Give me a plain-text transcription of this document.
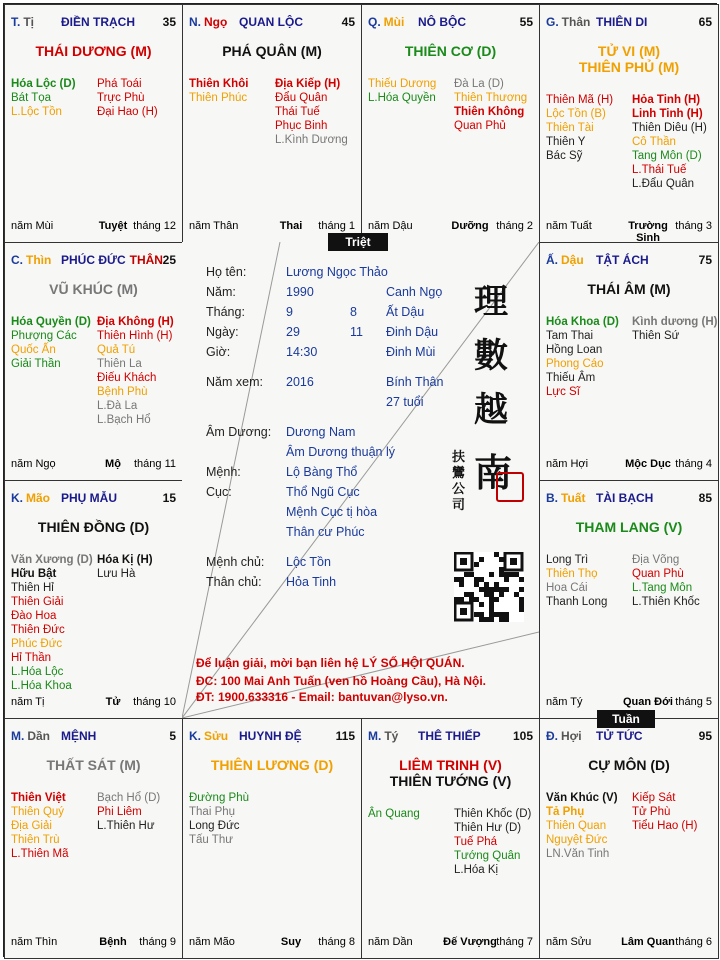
T. Tị ĐIỀN TRẠCH 35
THÁI DƯƠNG (M)
Hóa Lộc (D)
Bát Tọa
L.Lộc Tồn
Phá Toái
Trực Phù
Đại Hao (H)
năm Mùi	Tuyệt tháng 12
N. Ngọ QUAN LỘC	45
PHÁ QUÂN (M)
Thiên Khôi
Thiên Phúc
Địa Kiếp (H)
Đẩu Quân
Thái Tuế
Phục Binh
L.Kình Dương
năm Thân	Thai	tháng 1
Q. Mùi NÔ BỘC	55
THIÊN CƠ (D)
Thiếu Dương
L.Hóa Quyền
Đà La (D)
Thiên Thương
Thiên Không
Quan Phủ
năm Dậu	Dưỡng tháng 2
G. Thân THIÊN DI	65
TỬ VI (M)
THIÊN PHỦ (M)
Thiên Mã (H)
Lộc Tồn (B)
Thiên Tài
Thiên Y
Bác Sỹ
Hỏa Tinh (H)
Linh Tinh (H)
Thiên Diêu (H)
Cô Thần
Tang Môn (D)
L.Thái Tuế
L.Đẩu Quân
năm Tuất	Trường Sinh
tháng 3
C. Thìn PHÚC ĐỨC THÂN 25
VŨ KHÚC (M)
Hóa Quyền (D)
Phượng Các
Quốc Ấn
Giải Thần
Địa Không (H)
Thiên Hình (H)
Quả Tú
Thiên La
Điếu Khách
Bệnh Phù
L.Đà La
L.Bạch Hổ
năm Ngọ	Mộ	tháng 11
Ấ. Dậu TẬT ÁCH	75
THÁI ÂM (M)
Hóa Khoa (D)
Tam Thai
Hồng Loan
Phong Cáo
Thiếu Âm
Lực Sĩ
Kình dương (H)
Thiên Sứ
năm Hợi	Mộc Dục tháng 4
K. Mão PHỤ MẪU	15
THIÊN ĐỒNG (D)
Văn Xương (D)
Hữu Bật
Thiên Hỉ
Thiên Giải
Đào Hoa
Thiên Đức
Phúc Đức
Hỉ Thần
L.Hóa Lộc
L.Hóa Khoa
Hóa Kị (H)
Lưu Hà
năm Tị	Tử	tháng 10
B. Tuất TÀI BẠCH	85
THAM LANG (V)
Long Trì
Thiên Thọ
Hoa Cái
Thanh Long
Địa Võng
Quan Phù
L.Tang Môn
L.Thiên Khốc
năm Tý	Quan Đới tháng 5
M. Dần MỆNH	5
THẤT SÁT (M)
Thiên Việt
Thiên Quý
Địa Giải
Thiên Trù
L.Thiên Mã
Bạch Hổ (D)
Phi Liêm
L.Thiên Hư
năm Thìn	Bệnh	tháng 9
K. Sửu HUYNH ĐỆ	115
THIÊN LƯƠNG (D)
Đường Phù
Thai Phụ
Long Đức
Tấu Thư
năm Mão	Suy	tháng 8
M. Tý THÊ THIẾP	105
LIÊM TRINH (V)
THIÊN TƯỚNG (V)
Ân Quang	Thiên Khốc (D)
Thiên Hư (D)
Tuế Phá
Tướng Quân
L.Hóa Kị
năm Dần	Đế Vượng tháng 7
Đ. Hợi TỬ TỨC	95
CỰ MÔN (D)
Văn Khúc (V)
Tả Phụ
Thiên Quan
Nguyệt Đức
LN.Văn Tinh
Kiếp Sát
Tử Phù
Tiểu Hao (H)
năm Sửu	Lâm Quan tháng 6
Họ tên:	Lương Ngọc Thảo
Năm:	1990	Canh Ngọ
Tháng:	9	8 Ất Dậu
Ngày:	29	11 Đinh Dậu
Giờ:	14:30	Đinh Mùi
Năm xem: 2016	Bính Thân
27 tuổi
Âm Dương: Dương Nam
Âm Dương thuận lý
Mệnh:	Lộ Bàng Thổ
Cục:	Thổ Ngũ Cục
Mệnh Cục tị hòa
Thân cư Phúc
Mệnh chủ: Lộc Tồn
Thân chủ: Hỏa Tinh
理
數
越
南
扶鸞公司
Để luận giải, mời bạn liên hệ LÝ SỐ HỘI QUÁN.
ĐC: 100 Mai Anh Tuấn (ven hồ Hoàng Cầu), Hà Nội.
ĐT: 1900.633316 - Email: bantuvan@lyso.vn.
Triệt
Tuần
